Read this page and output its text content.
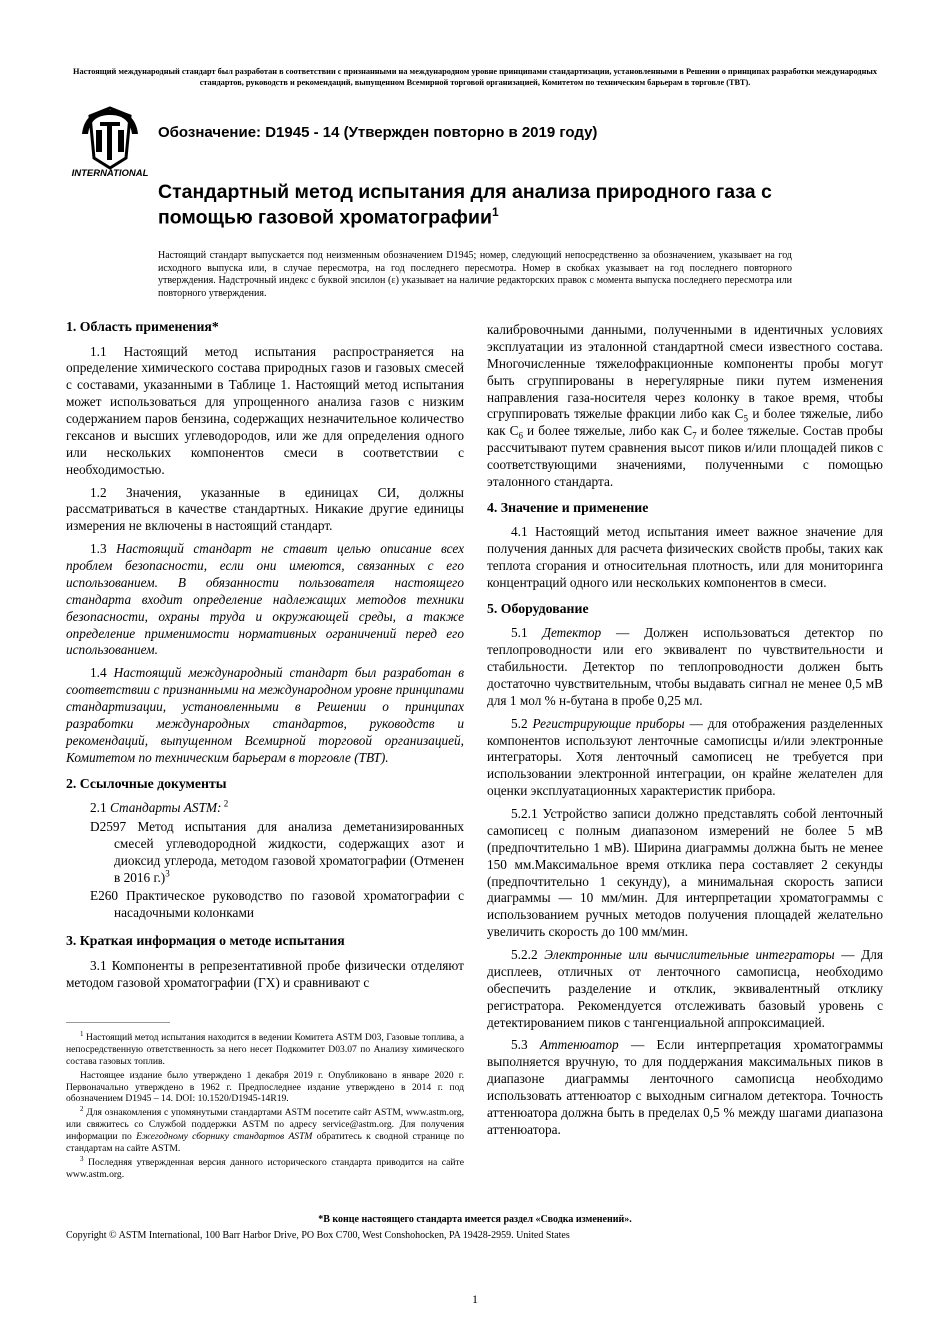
Настоящий международный стандарт был разработан в соответствии с признанными на международном уровне принципами стандартизации, установленными в Решении о принципах разработки международных стандартов, руководств и рекомендаций, выпущенном Всемирной торговой организацией, Комитетом по техническим барьерам в торговле (ТВТ).
INTERNATIONAL
Обозначение: D1945 - 14 (Утвержден повторно в 2019 году)
Стандартный метод испытания для анализа природного газа с помощью газовой хроматографии$^1$
Настоящий стандарт выпускается под неизменным обозначением D1945; номер, следующий непосредственно за обозначением, указывает на год исходного выпуска или, в случае пересмотра, на год последнего пересмотра. Номер в скобках указывает на год последнего повторного утверждения. Надстрочный индекс с буквой эпсилон (ε) указывает на наличие редакторских правок с момента выпуска последнего пересмотра или повторного утверждения.
1. Область применения*

1.1 Настоящий метод испытания распространяется на определение химического состава природных газов и газовых смесей с составами, указанными в Таблице 1. Настоящий метод испытания может использоваться для упрощенного анализа газов с низким содержанием паров бензина, содержащих незначительное количество гексанов и высших углеводородов, или же для определения одного или нескольких компонентов смеси в соответствии с необходимостью.

1.2 Значения, указанные в единицах СИ, должны рассматриваться в качестве стандартных. Никакие другие единицы измерения не включены в настоящий стандарт.

1.3 Настоящий стандарт не ставит целью описание всех проблем безопасности, если они имеются, связанных с его использованием. В обязанности пользователя настоящего стандарта входит определение надлежащих методов техники безопасности, охраны труда и окружающей среды, а также определение применимости нормативных ограничений перед его использованием.

1.4 Настоящий международный стандарт был разработан в соответствии с признанными на международном уровне принципами стандартизации, установленными в Решении о принципах разработки международных стандартов, руководств и рекомендаций, выпущенном Всемирной торговой организацией, Комитетом по техническим барьерам в торговле (ТВТ).

2. Ссылочные документы

2.1 Стандарты ASTM: $^2$

D2597 Метод испытания для анализа деметанизированных смесей углеводородной жидкости, содержащих азот и диоксид углерода, методом газовой хроматографии (Отменен в 2016 г.)$^3$

E260 Практическое руководство по газовой хроматографии с насадочными колонками

3. Краткая информация о методе испытания

3.1 Компоненты в репрезентативной пробе физически отделяют методом газовой хроматографии (ГХ) и сравнивают с

калибровочными данными, полученными в идентичных условиях эксплуатации из эталонной стандартной смеси известного состава. Многочисленные тяжелофракционные компоненты пробы могут быть сгруппированы в нерегулярные пики путем изменения направления газа-носителя через колонку в такое время, чтобы сгруппировать тяжелые фракции либо как $C_5$ и более тяжелые, либо как $C_6$ и более тяжелые, либо как $C_7$ и более тяжелые. Состав пробы рассчитывают путем сравнения высот пиков и/или площадей пиков с соответствующими значениями, полученными с помощью эталонного стандарта.

4. Значение и применение

4.1 Настоящий метод испытания имеет важное значение для получения данных для расчета физических свойств пробы, таких как теплота сгорания и относительная плотность, или для мониторинга концентраций одного или нескольких компонентов в смеси.

5. Оборудование

5.1 Детектор — Должен использоваться детектор по теплопроводности или его эквивалент по чувствительности и стабильности. Детектор по теплопроводности должен быть достаточно чувствительным, чтобы выдавать сигнал не менее 0,5 мВ для 1 мол % н-бутана в пробе 0,25 мл.

5.2 Регистрирующие приборы — для отображения разделенных компонентов используют ленточные самописцы и/или электронные интеграторы. Хотя ленточный самописец не требуется при использовании электронной интеграции, он крайне желателен для оценки эксплуатационных характеристик прибора.

5.2.1 Устройство записи должно представлять собой ленточный самописец с полным диапазоном измерений не более 5 мВ (предпочтительно 1 мВ). Ширина диаграммы должна быть не менее 150 мм.Максимальное время отклика пера составляет 2 секунды (предпочтительно 1 секунду), а минимальная скорость записи диаграммы — 10 мм/мин. Для интерпретации хроматограммы с использованием ручных методов получения площадей желательно увеличить скорость до 100 мм/мин.

5.2.2 Электронные или вычислительные интеграторы — Для дисплеев, отличных от ленточного самописца, необходимо обеспечить разделение и отклик, эквивалентный отклику регистратора. Рекомендуется отслеживать базовый уровень с детектированием пиков с тангенциальной аппроксимацией.

5.3 Аттенюатор — Если интерпретация хроматограммы выполняется вручную, то для поддержания максимальных пиков в диапазоне диаграммы ленточного самописца необходимо использовать аттенюатор с выходным сигналом детектора. Точность аттенюатора должна быть в пределах 0,5 % между шагами диапазона аттенюатора.

$^1$ Настоящий метод испытания находится в ведении Комитета ASTM D03, Газовые топлива, а непосредственную ответственность за него несет Подкомитет D03.07 по Анализу химического состава газовых топлив.

Настоящее издание было утверждено 1 декабря 2019 г. Опубликовано в январе 2020 г. Первоначально утверждено в 1962 г. Предпоследнее издание утверждено в 2014 г. под обозначением D1945 – 14. DOI: 10.1520/D1945-14R19.

$^2$ Для ознакомления с упомянутыми стандартами ASTM посетите сайт ASTM, www.astm.org, или свяжитесь со Службой поддержки ASTM по адресу service@astm.org. Для получения информации по Ежегодному сборнику стандартов ASTM обратитесь к сводной странице по стандартам на сайте ASTM.

$^3$ Последняя утвержденная версия данного исторического стандарта приводится на сайте www.astm.org.

*В конце настоящего стандарта имеется раздел «Сводка изменений».
Copyright © ASTM International, 100 Barr Harbor Drive, PO Box C700, West Conshohocken, PA 19428-2959. United States
1
